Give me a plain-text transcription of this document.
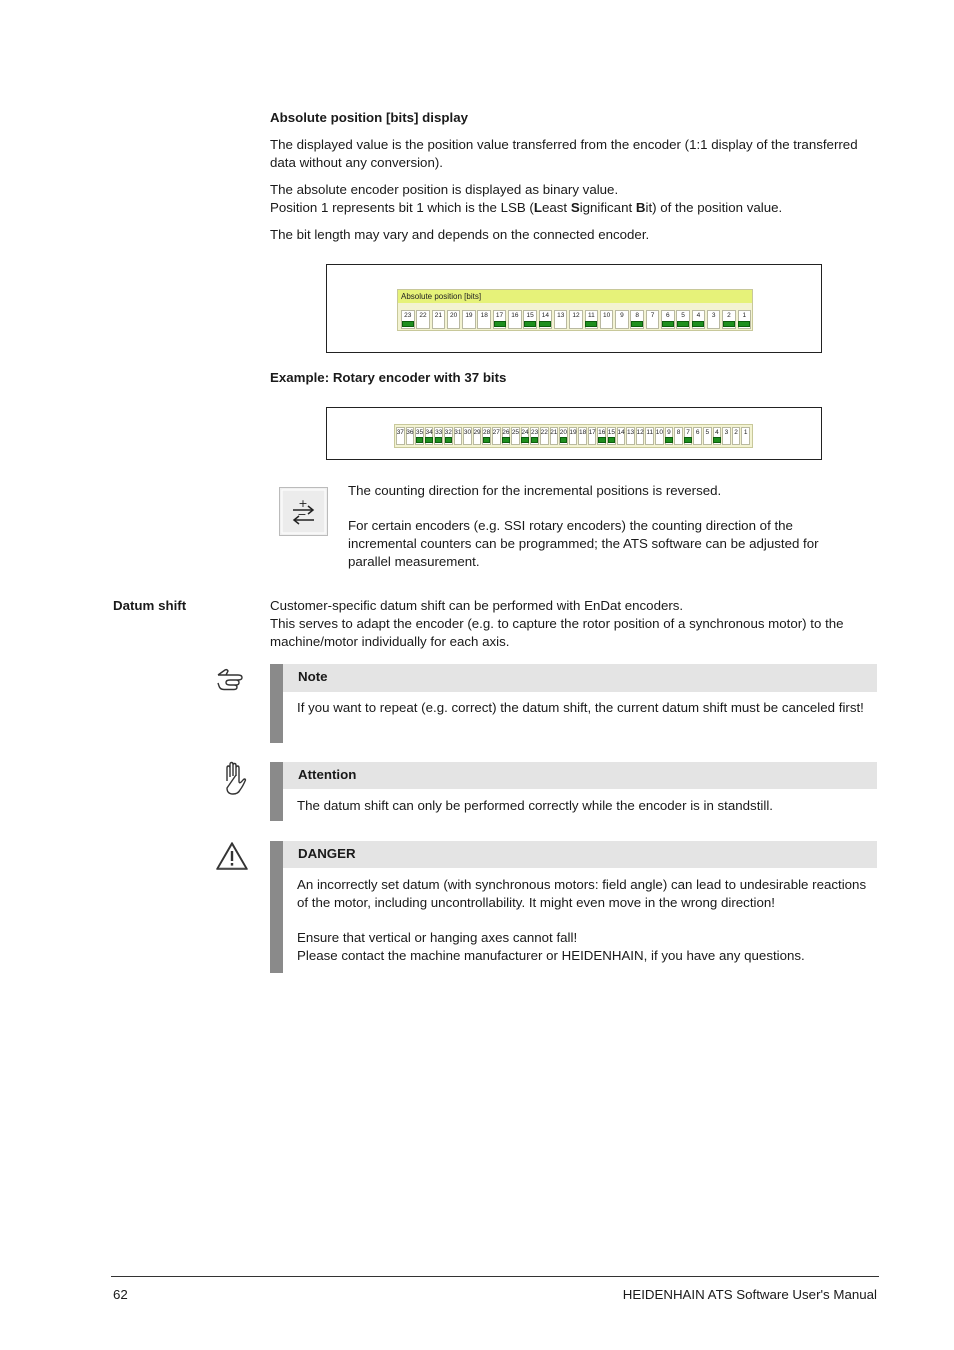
Absolute position [bits] display

The displayed value is the position value transferred from the encoder (1:1 display of the transferred data without any conversion).

The absolute encoder position is displayed as binary value.

Position 1 represents bit 1 which is the LSB (Least Significant Bit) of the position value.

The bit length may vary and depends on the connected encoder.

Absolute position [bits]
23 22 21 20 19 18 17 16 15 14 13 12 11 10 9 8 7 6 5 4 3 2 1
Example: Rotary encoder with 37 bits
37 36 35 34 33 32 31 30 29 28 27 26 25 24 23 22 21 20 19 18 17 16 15 14 13 12 11 10 9 8 7 6 5 4 3 2 1
+
−

The counting direction for the incremental positions is reversed.

For certain encoders (e.g. SSI rotary encoders) the counting direction of the incremental counters can be programmed; the ATS software can be adjusted for parallel measurement.

Datum shift	Customer-specific datum shift can be performed with EnDat encoders.

This serves to adapt the encoder (e.g. to capture the rotor position of a synchronous motor) to the machine/motor individually for each axis.

Note

If you want to repeat (e.g. correct) the datum shift, the current datum shift must be canceled first!

Attention

The datum shift can only be performed correctly while the encoder is in standstill.

DANGER

An incorrectly set datum (with synchronous motors: field angle) can lead to undesirable reactions of the motor, including uncontrollability. It might even move in the wrong direction!

Ensure that vertical or hanging axes cannot fall!

Please contact the machine manufacturer or HEIDENHAIN, if you have any questions.

62	HEIDENHAIN ATS Software User's Manual
